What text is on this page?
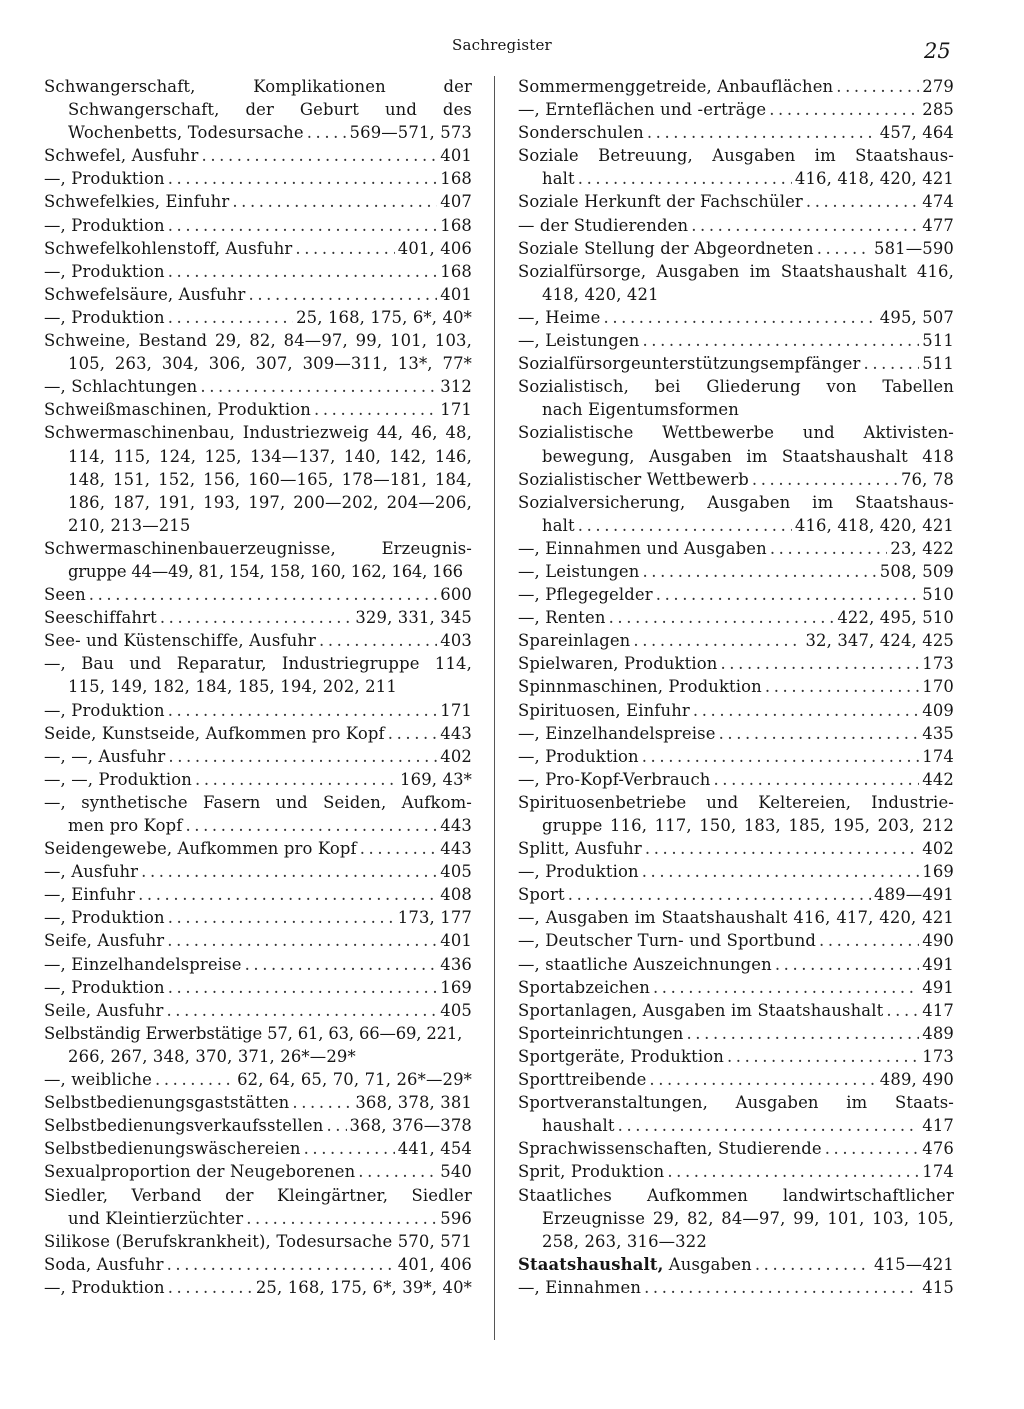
Sachregister	25
Schwangerschaft, Komplikationen der
Schwangerschaft, der Geburt und des
Wochenbetts, Todesursache . . .	569—571, 573
Schwefel, Ausfuhr . . .	401
—, Produktion . . .	168
Schwefelkies, Einfuhr . . .	407
—, Produktion . . .	168
Schwefelkohlenstoff, Ausfuhr . . .	401, 406
—, Produktion . . .	168
Schwefelsäure, Ausfuhr . . .	401
—, Produktion . . .	25, 168, 175, 6*, 40*
Schweine, Bestand 29, 82, 84—97, 99, 101, 103,
105, 263, 304, 306, 307, 309—311, 13*, 77*
—, Schlachtungen . . .	312
Schweißmaschinen, Produktion . . .	171
Schwermaschinenbau, Industriezweig 44, 46, 48,
114, 115, 124, 125, 134—137, 140, 142, 146,
148, 151, 152, 156, 160—165, 178—181, 184,
186, 187, 191, 193, 197, 200—202, 204—206,
210, 213—215
Schwermaschinenbauerzeugnisse, Erzeugnis-
gruppe 44—49, 81, 154, 158, 160, 162, 164, 166
Seen . . .	600
Seeschiffahrt . . .	329, 331, 345
See- und Küstenschiffe, Ausfuhr . . .	403
—, Bau und Reparatur, Industriegruppe 114,
115, 149, 182, 184, 185, 194, 202, 211
—, Produktion . . .	171
Seide, Kunstseide, Aufkommen pro Kopf . . .	443
—, —, Ausfuhr . . .	402
—, —, Produktion . . .	169, 43*
—, synthetische Fasern und Seiden, Aufkom-
men pro Kopf . . .	443
Seidengewebe, Aufkommen pro Kopf . . .	443
—, Ausfuhr . . .	405
—, Einfuhr . . .	408
—, Produktion . . .	173, 177
Seife, Ausfuhr . . .	401
—, Einzelhandelspreise . . .	436
—, Produktion . . .	169
Seile, Ausfuhr . . .	405
Selbständig Erwerbstätige 57, 61, 63, 66—69, 221,
266, 267, 348, 370, 371, 26*—29*
—, weibliche . . .	62, 64, 65, 70, 71, 26*—29*
Selbstbedienungsgaststätten . . .	368, 378, 381
Selbstbedienungsverkaufsstellen . . . 368, 376—378
Selbstbedienungswäschereien . . .	441, 454
Sexualproportion der Neugeborenen . . .	540
Siedler, Verband der Kleingärtner, Siedler
und Kleintierzüchter . . .	596
Silikose (Berufskrankheit), Todesursache 570, 571
Soda, Ausfuhr . . .	401, 406
—, Produktion . . .	25, 168, 175, 6*, 39*, 40*
Sommermenggetreide, Anbauflächen . . .	279
—, Ernteflächen und -erträge . . .	285
Sonderschulen . . .	457, 464
Soziale Betreuung, Ausgaben im Staatshaus-
halt . . .	416, 418, 420, 421
Soziale Herkunft der Fachschüler . . .	474
— der Studierenden . . .	477
Soziale Stellung der Abgeordneten . . .	581—590
Sozialfürsorge, Ausgaben im Staatshaushalt 416,
418, 420, 421
—, Heime . . .	495, 507
—, Leistungen . . .	511
Sozialfürsorgeunterstützungsempfänger . . .	511
Sozialistisch, bei Gliederung von Tabellen
nach Eigentumsformen
Sozialistische Wettbewerbe und Aktivisten-
bewegung, Ausgaben im Staatshaushalt 418
Sozialistischer Wettbewerb . . .	76, 78
Sozialversicherung, Ausgaben im Staatshaus-
halt . . .	416, 418, 420, 421
—, Einnahmen und Ausgaben . . .	23, 422
—, Leistungen . . .	508, 509
—, Pflegegelder . . .	510
—, Renten . . .	422, 495, 510
Spareinlagen . . .	32, 347, 424, 425
Spielwaren, Produktion . . .	173
Spinnmaschinen, Produktion . . .	170
Spirituosen, Einfuhr . . .	409
—, Einzelhandelspreise . . .	435
—, Produktion . . .	174
—, Pro-Kopf-Verbrauch . . .	442
Spirituosenbetriebe und Keltereien, Industrie-
gruppe 116, 117, 150, 183, 185, 195, 203, 212
Splitt, Ausfuhr . . .	402
—, Produktion . . .	169
Sport . . .	489—491
—, Ausgaben im Staatshaushalt 416, 417, 420, 421
—, Deutscher Turn- und Sportbund . . .	490
—, staatliche Auszeichnungen . . .	491
Sportabzeichen . . .	491
Sportanlagen, Ausgaben im Staatshaushalt . . . 417
Sporteinrichtungen . . .	489
Sportgeräte, Produktion . . .	173
Sporttreibende . . .	489, 490
Sportveranstaltungen, Ausgaben im Staats-
haushalt . . .	417
Sprachwissenschaften, Studierende . . .	476
Sprit, Produktion . . .	174
Staatliches Aufkommen landwirtschaftlicher
Erzeugnisse 29, 82, 84—97, 99, 101, 103, 105,
258, 263, 316—322
Staatshaushalt, Ausgaben . . .	415—421
—, Einnahmen . . .	415
